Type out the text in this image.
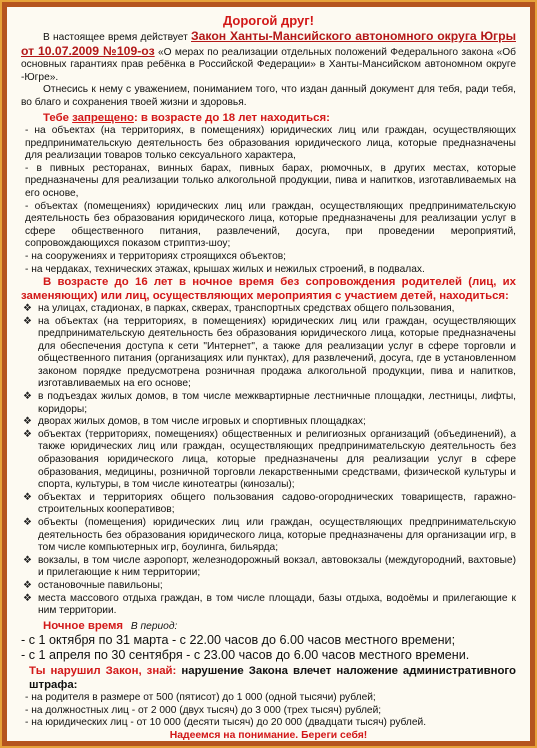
Дорогой друг!

В настоящее время действует Закон Ханты-Мансийского автономного округа Югры от 10.07.2009 №109-оз «О мерах по реализации отдельных положений Федерального закона «Об основных гарантиях прав ребёнка в Российской Федерации» в Ханты-Мансийском автономном округе -Югре».

Отнесись к нему с уважением, пониманием того, что издан данный документ для тебя, ради тебя, во благо и сохранения твоей жизни и здоровья.

Тебе запрещено: в возрасте до 18 лет находиться:
- на объектах (на территориях, в помещениях) юридических лиц или граждан, осуществляющих предпринимательскую деятельность без образования юридического лица, которые предназначены для реализации товаров только сексуального характера,
- в пивных ресторанах, винных барах, пивных барах, рюмочных, в других местах, которые предназначены для реализации только алкогольной продукции, пива и напитков, изготавливаемых на его основе,
- объектах (помещениях) юридических лиц или граждан, осуществляющих предпринимательскую деятельность без образования юридического лица, которые предназначены для реализации услуг в сфере общественного питания, развлечений, досуга, при проведении мероприятий, сопровождающихся показом стриптиз-шоу;
- на сооружениях и территориях строящихся объектов;
- на чердаках, технических этажах, крышах жилых и нежилых строений, в подвалах.

В возрасте до 16 лет в ночное время без сопровождения родителей (лиц, их заменяющих) или лиц, осуществляющих мероприятия с участием детей, находиться:

❖ на улицах, стадионах, в парках, скверах, транспортных средствах общего пользования,
❖ на объектах (на территориях, в помещениях) юридических лиц или граждан, осуществляющих предпринимательскую деятельность без образования юридического лица, которые предназначены для обеспечения доступа к сети "Интернет", а также для реализации услуг в сфере торговли и общественного питания (организациях или пунктах), для развлечений, досуга, где в установленном законом порядке предусмотрена розничная продажа алкогольной продукции, пива и напитков, изготавливаемых на его основе;
❖ в подъездах жилых домов, в том числе межквартирные лестничные площадки, лестницы, лифты, коридоры;
❖ дворах жилых домов, в том числе игровых и спортивных площадках;
❖ объектах (территориях, помещениях) общественных и религиозных организаций (объединений), а также юридических лиц или граждан, осуществляющих предпринимательскую деятельность без образования юридического лица, которые предназначены для реализации услуг в сфере образования, медицины, розничной торговли лекарственными средствами, физической культуры и спорта, культуры, в том числе кинотеатры (кинозалы);
❖ объектах и территориях общего пользования садово-огороднических товариществ, гаражно-строительных кооперативов;
❖ объекты (помещения) юридических лиц или граждан, осуществляющих предпринимательскую деятельность без образования юридического лица, которые предназначены для организации игр, в том числе компьютерных игр, боулинга, бильярда;
❖ вокзалы, в том числе аэропорт, железнодорожный вокзал, автовокзалы (междугородний, вахтовые) и прилегающие к ним территории;
❖ остановочные павильоны;
❖ места массового отдыха граждан, в том числе площади, базы отдыха, водоёмы и прилегающие к ним территории.
Ночное время В период:
- с 1 октября по 31 марта - с 22.00 часов до 6.00 часов местного времени;
- с 1 апреля по 30 сентября - с 23.00 часов до 6.00 часов местного времени.

Ты нарушил Закон, знай: нарушение Закона влечет наложение административного штрафа:

- на родителя в размере от 500 (пятисот) до 1 000 (одной тысячи) рублей;
- на должностных лиц - от 2 000 (двух тысяч) до 3 000 (трех тысяч) рублей;
- на юридических лиц - от 10 000 (десяти тысяч) до 20 000 (двадцати тысяч) рублей.
Надеемся на понимание. Береги себя!
